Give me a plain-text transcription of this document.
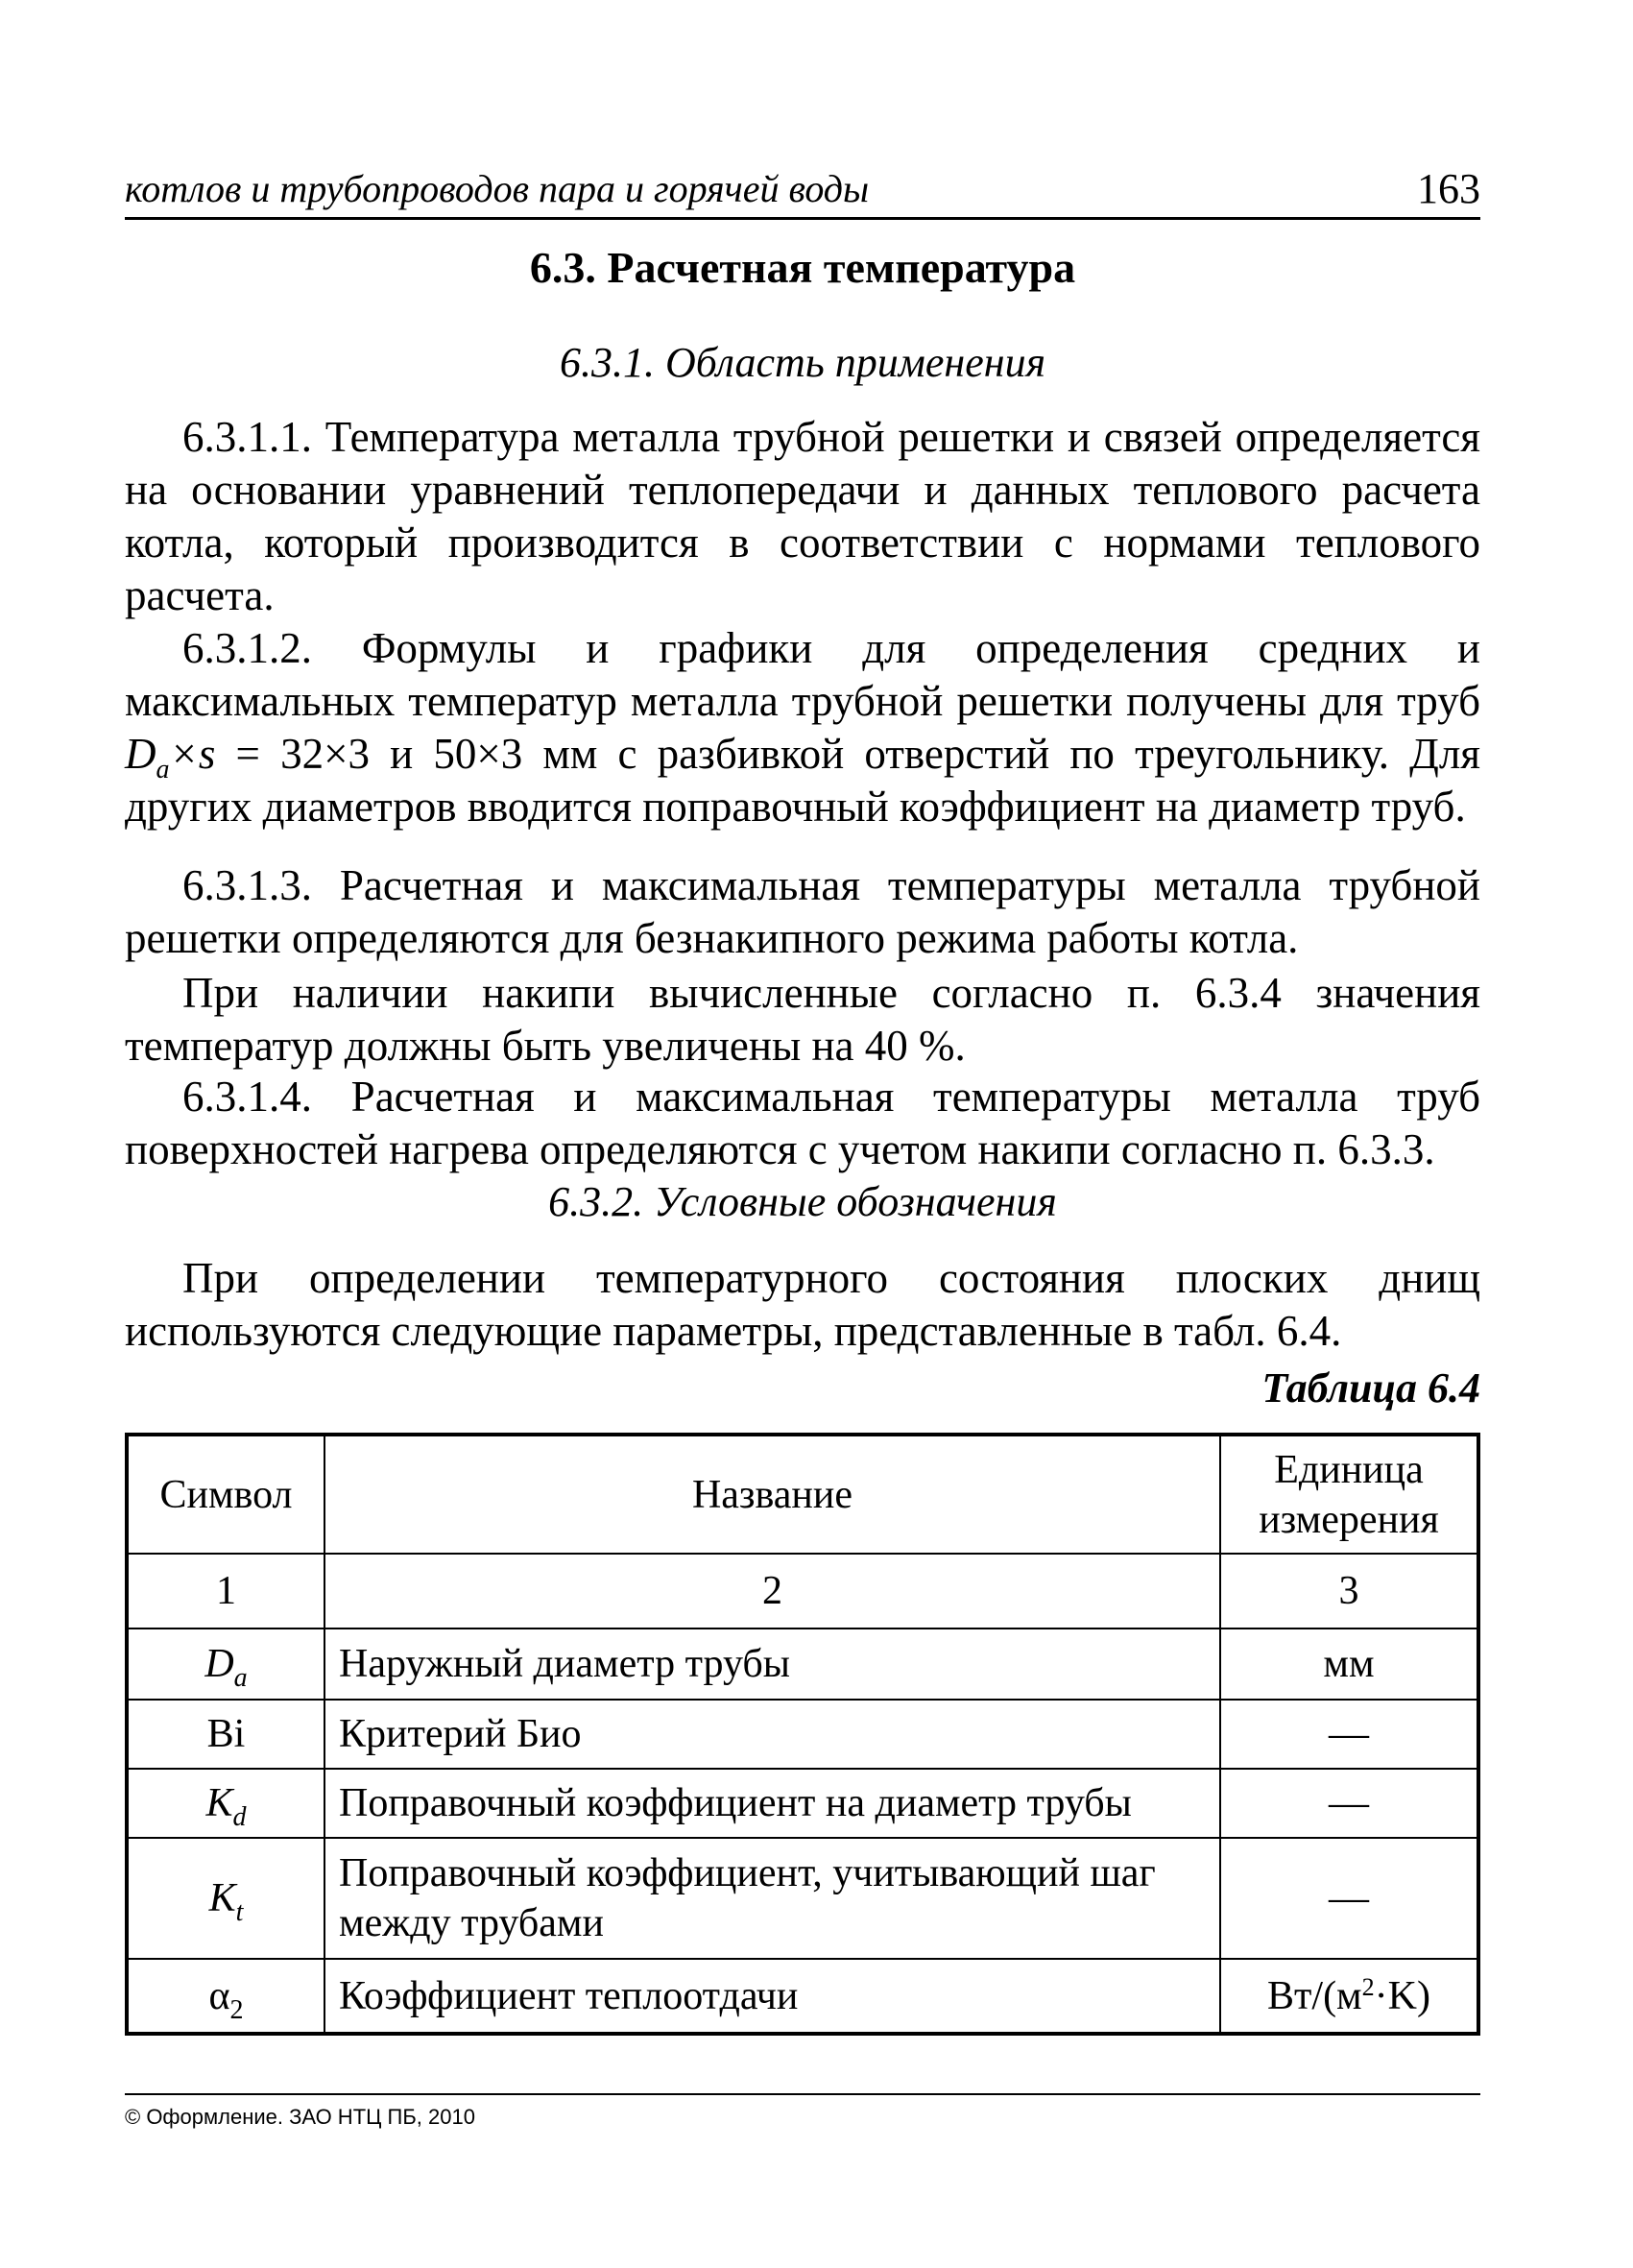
котлов и трубопроводов пара и горячей воды	163
6.3. Расчетная температура
6.3.1. Область применения

6.3.1.1. Температура металла трубной решетки и связей определяется на основании уравнений теплопередачи и данных теплового расчета котла, который производится в соответствии с нормами теплового расчета.

6.3.1.2. Формулы и графики для определения средних и максимальных температур металла трубной решетки получены для труб $D_a\times s = 32\times 3$ и 50×3 мм с разбивкой отверстий по треугольнику. Для других диаметров вводится поправочный коэффициент на диаметр труб.

6.3.1.3. Расчетная и максимальная температуры металла трубной решетки определяются для безнакипного режима работы котла.

При наличии накипи вычисленные согласно п. 6.3.4 значения температур должны быть увеличены на 40 %.

6.3.1.4. Расчетная и максимальная температуры металла труб поверхностей нагрева определяются с учетом накипи согласно п. 6.3.3.

6.3.2. Условные обозначения

При определении температурного состояния плоских днищ используются следующие параметры, представленные в табл. 6.4.

Таблица 6.4
Символ	Название	Единица измерения
1	2	3
$D_a$	Наружный диаметр трубы	мм
Bi	Критерий Био	—
$K_d$	Поправочный коэффициент на диаметр трубы	—
$K_t$	Поправочный коэффициент, учитывающий шаг между трубами	—
$\alpha_2$	Коэффициент теплоотдачи	$Вт/(м^2\cdot K)$
© Оформление. ЗАО НТЦ ПБ, 2010
